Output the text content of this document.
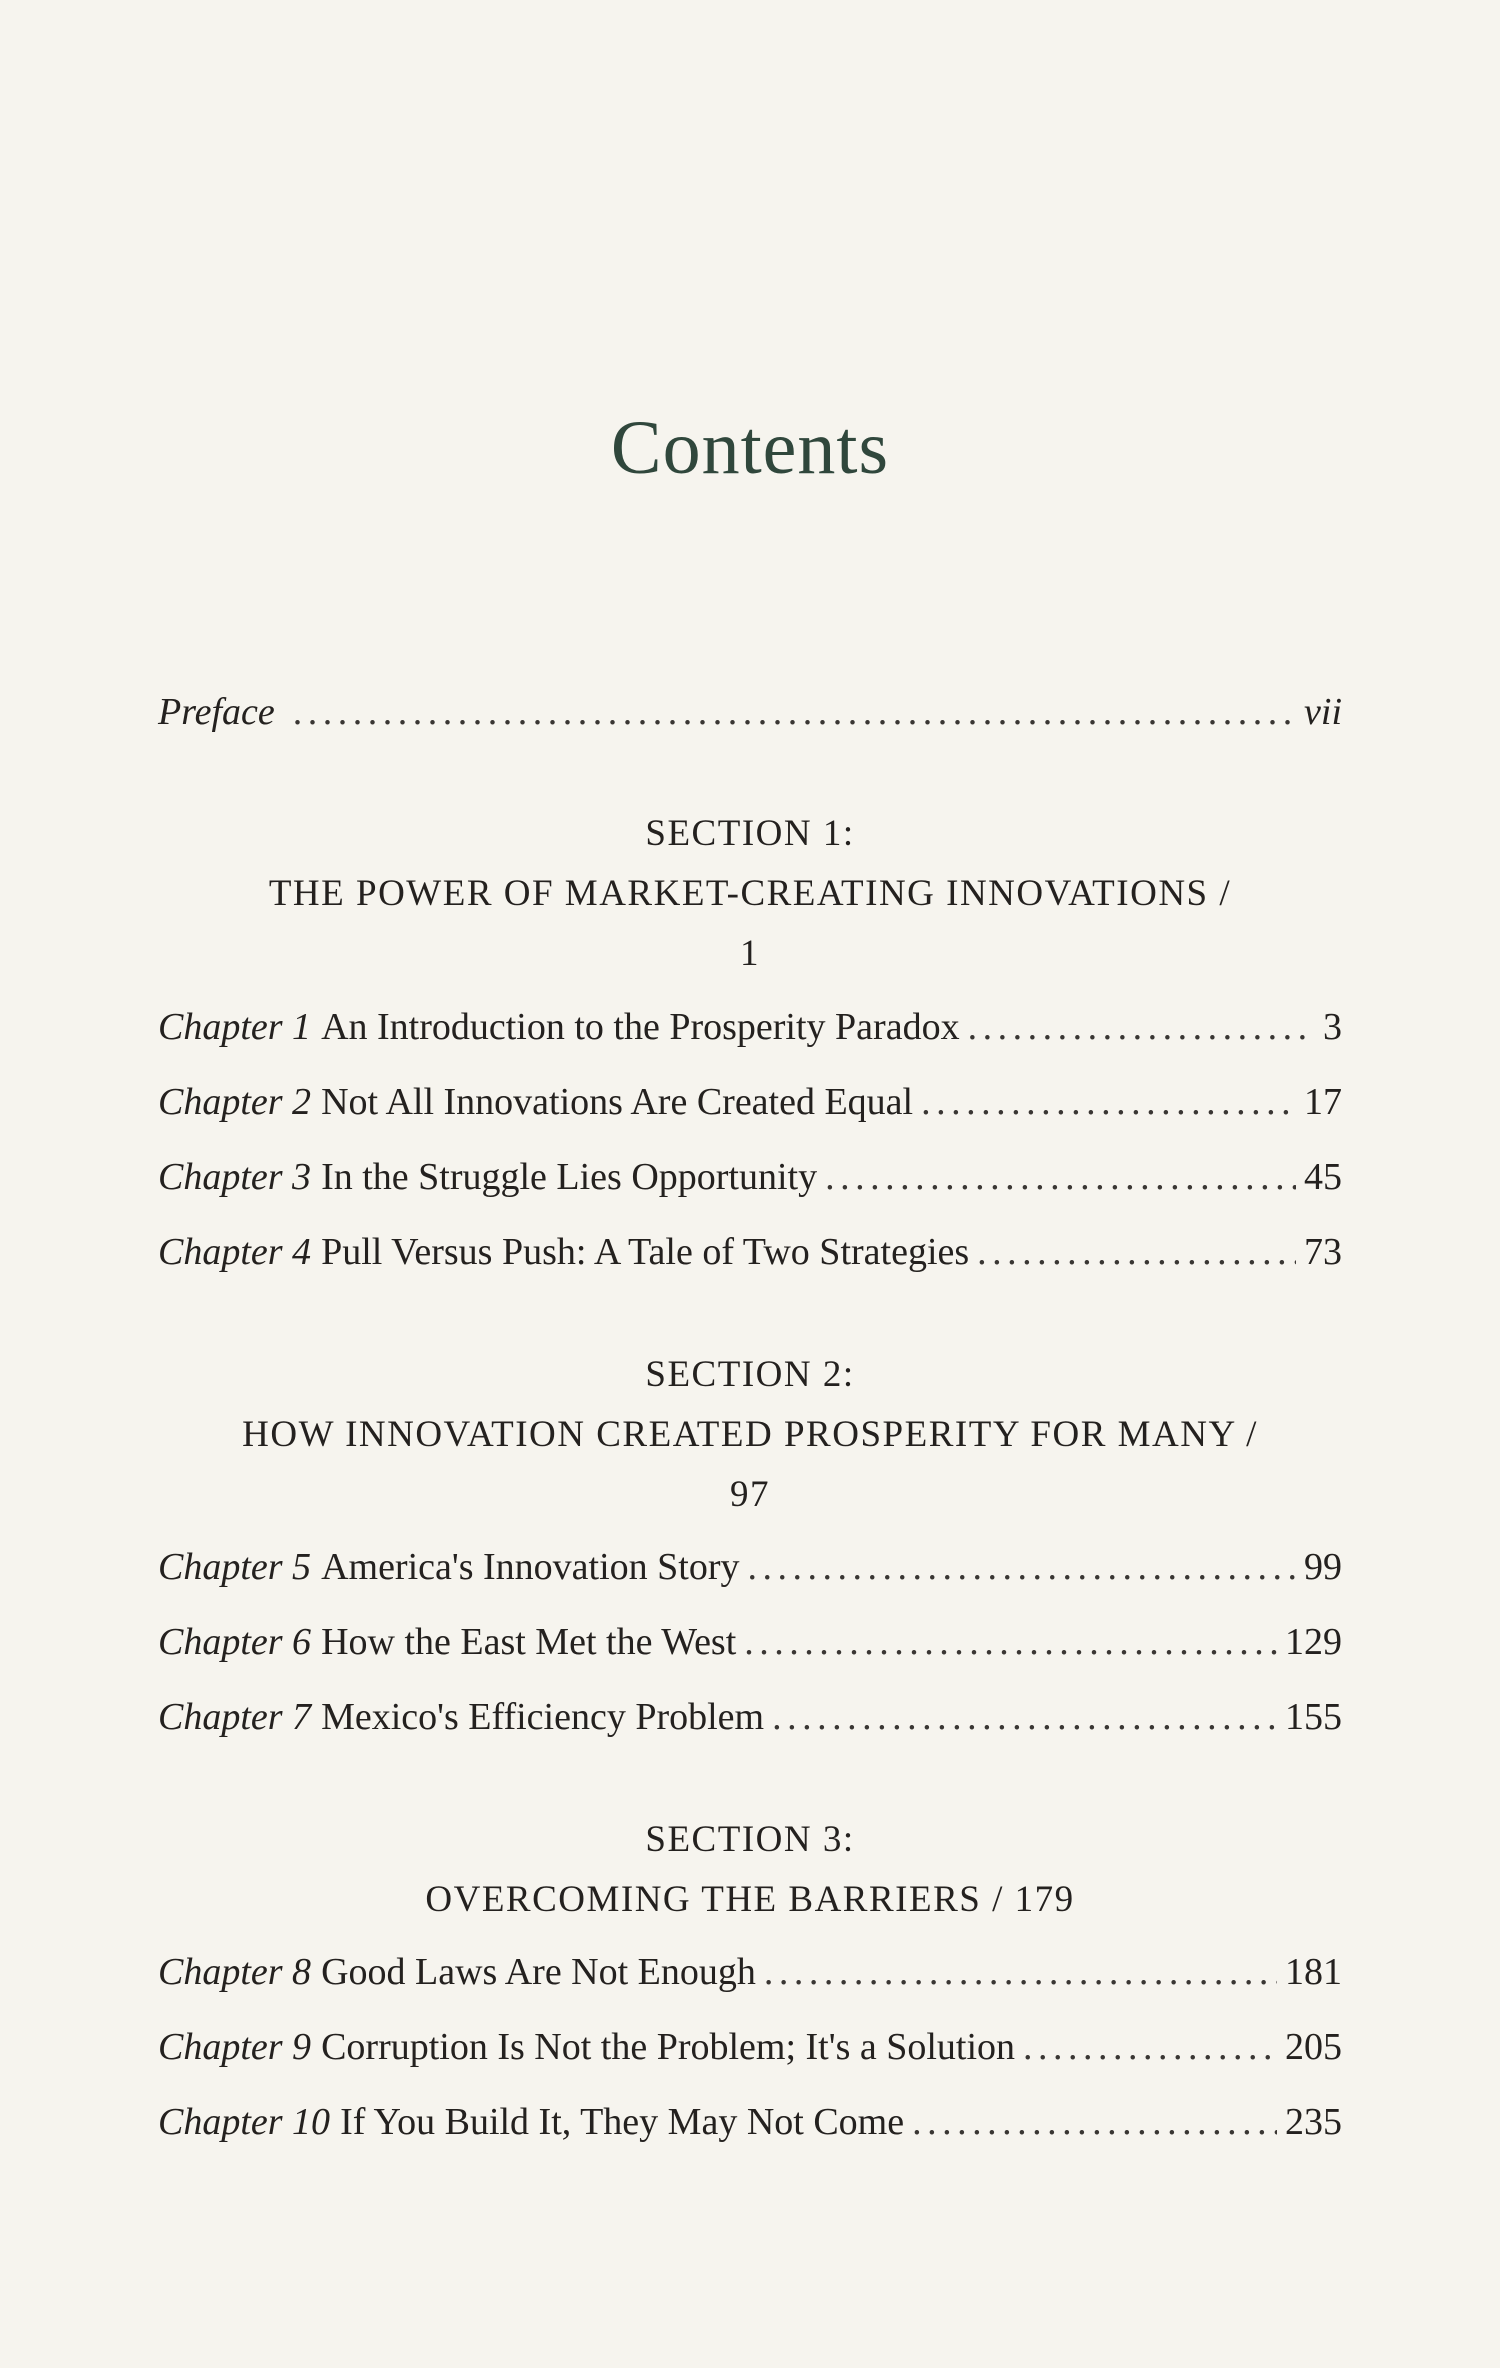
Contents
Preface . . .	vii
SECTION 1:
THE POWER OF MARKET-CREATING INNOVATIONS /
1
Chapter 1 An Introduction to the Prosperity Paradox . . .	3
Chapter 2 Not All Innovations Are Created Equal . . .	17
Chapter 3 In the Struggle Lies Opportunity . . .	45
Chapter 4 Pull Versus Push: A Tale of Two Strategies . . .	73
SECTION 2:
HOW INNOVATION CREATED PROSPERITY FOR MANY /
97
Chapter 5 America's Innovation Story . . .	99
Chapter 6 How the East Met the West . . .	129
Chapter 7 Mexico's Efficiency Problem . . .	155
SECTION 3:
OVERCOMING THE BARRIERS / 179
Chapter 8 Good Laws Are Not Enough . . .	181
Chapter 9 Corruption Is Not the Problem; It's a Solution . . .	205
Chapter 10 If You Build It, They May Not Come . . .	235
